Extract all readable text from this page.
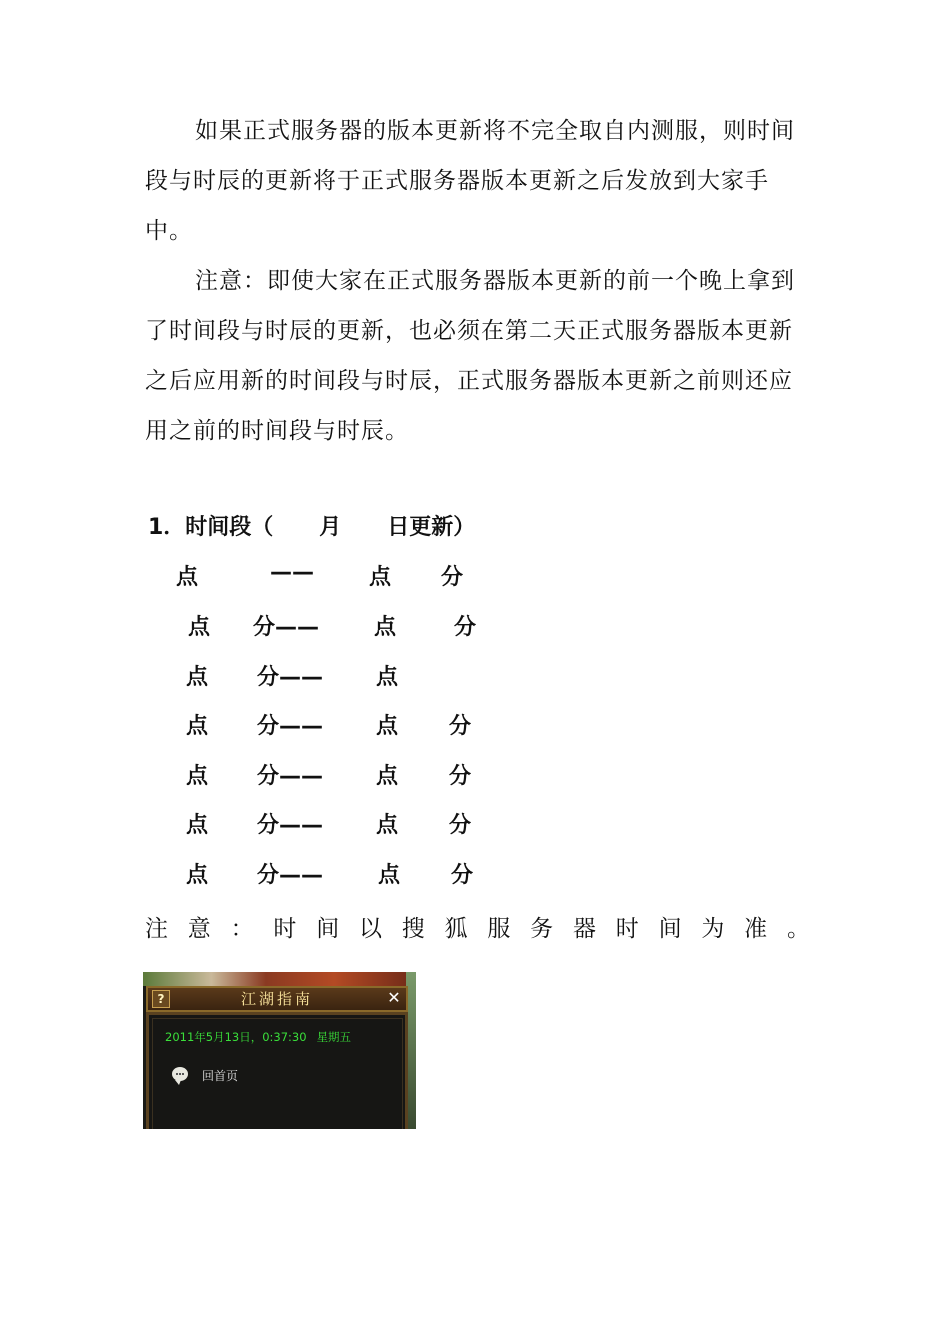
如果正式服务器的版本更新将不完全取自内测服，则时间段与时辰的更新将于正式服务器版本更新之后发放到大家手中。

注意：即使大家在正式服务器版本更新的前一个晚上拿到了时间段与时辰的更新，也必须在第二天正式服务器版本更新之后应用新的时间段与时辰，正式服务器版本更新之前则还应用之前的时间段与时辰。

1．时间段（      月      日更新）
点	——	点 分
点 分—— 点	分
点 分—— 点
点 分—— 点 分
点 分—— 点 分
点 分—— 点 分
点 分—— 点 分
注 意 ： 时 间 以 搜 狐 服 务 器 时 间 为 准 。
?	江湖指南	✕
2011年5月13日，0:37:30 星期五
回首页
